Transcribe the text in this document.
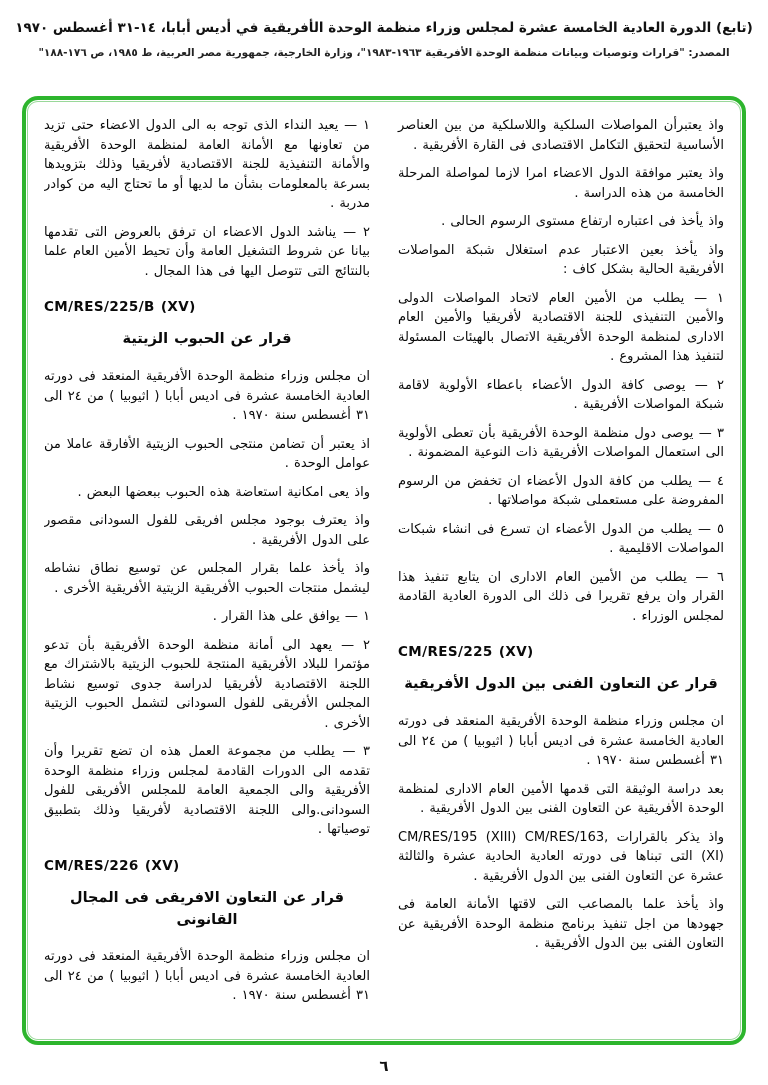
(تابع) الدورة العادية الخامسة عشرة لمجلس وزراء منظمة الوحدة الأفريقية في أديس أبابا، ١٤-٣١ أغسطس ١٩٧٠
المصدر: "قرارات وتوصيات وبيانات منظمة الوحدة الأفريقية ١٩٦٣-١٩٨٣"، وزارة الخارجية، جمهورية مصر العربية، ط ١٩٨٥، ص ١٧٦-١٨٨"
واذ يعتبرأن المواصلات السلكية واللاسلكية من بين العناصر الأساسية لتحقيق التكامل الاقتصادى فى القارة الأفريقية .
واذ يعتبر موافقة الدول الاعضاء امرا لازما لمواصلة المرحلة الخامسة من هذه الدراسة .
واذ يأخذ فى اعتباره ارتفاع مستوى الرسوم الحالى .
واذ يأخذ بعين الاعتبار عدم استغلال شبكة المواصلات الأفريقية الحالية بشكل كاف :
١ — يطلب من الأمين العام لاتحاد المواصلات الدولى والأمين التنفيذى للجنة الاقتصادية لأفريقيا والأمين العام الادارى لمنظمة الوحدة الأفريقية الاتصال بالهيئات المسئولة لتنفيذ هذا المشروع .
٢ — يوصى كافة الدول الأعضاء باعطاء الأولوية لاقامة شبكة المواصلات الأفريقية .
٣ — يوصى دول منظمة الوحدة الأفريقية بأن تعطى الأولوية الى استعمال المواصلات الأفريقية ذات النوعية المضمونة .
٤ — يطلب من كافة الدول الأعضاء ان تخفض من الرسوم المفروضة على مستعملى شبكة مواصلاتها .
٥ — يطلب من الدول الأعضاء ان تسرع فى انشاء شبكات المواصلات الاقليمية .
٦ — يطلب من الأمين العام الادارى ان يتابع تنفيذ هذا القرار وان يرفع تقريرا فى ذلك الى الدورة العادية القادمة لمجلس الوزراء .
CM/RES/225 (XV)
قرار عن التعاون الفنى بين الدول الأفريقية
ان مجلس وزراء منظمة الوحدة الأفريقية المنعقد فى دورته العادية الخامسة عشرة فى اديس أبابا ( اثيوبيا ) من ٢٤ الى ٣١ أغسطس سنة ١٩٧٠ .
بعد دراسة الوثيقة التى قدمها الأمين العام الادارى لمنظمة الوحدة الأفريقية عن التعاون الفنى بين الدول الأفريقية .
واذ يذكر بالقرارات ,CM/RES/195 (XIII) CM/RES/163 (XI) التى تبناها فى دورته العادية الحادية عشرة والثالثة عشرة عن التعاون الفنى بين الدول الأفريقية .
واذ يأخذ علما بالمصاعب التى لاقتها الأمانة العامة فى جهودها من اجل تنفيذ برنامج منظمة الوحدة الأفريقية عن التعاون الفنى بين الدول الأفريقية .
١ — يعيد النداء الذى توجه به الى الدول الاعضاء حتى تزيد من تعاونها مع الأمانة العامة لمنظمة الوحدة الأفريقية والأمانة التنفيذية للجنة الاقتصادية لأفريقيا وذلك بتزويدها بسرعة بالمعلومات بشأن ما لديها أو ما تحتاج اليه من كوادر مدربة .
٢ — يناشد الدول الاعضاء ان ترفق بالعروض التى تقدمها بيانا عن شروط التشغيل العامة وأن تحيط الأمين العام علما بالنتائج التى تتوصل اليها فى هذا المجال .
CM/RES/225/B (XV)
قرار عن الحبوب الزيتية
ان مجلس وزراء منظمة الوحدة الأفريقية المنعقد فى دورته العادية الخامسة عشرة فى اديس أبابا ( اثيوبيا ) من ٢٤ الى ٣١ أغسطس سنة ١٩٧٠ .
اذ يعتبر أن تضامن منتجى الحبوب الزيتية الأفارقة عاملا من عوامل الوحدة .
واذ يعى امكانية استعاضة هذه الحبوب ببعضها البعض .
واذ يعترف بوجود مجلس افريقى للفول السودانى مقصور على الدول الأفريقية .
واذ يأخذ علما بقرار المجلس عن توسيع نطاق نشاطه ليشمل منتجات الحبوب الأفريقية الزيتية الأفريقية الأخرى .
١ — يوافق على هذا القرار .
٢ — يعهد الى أمانة منظمة الوحدة الأفريقية بأن تدعو مؤتمرا للبلاد الأفريقية المنتجة للحبوب الزيتية بالاشتراك مع اللجنة الاقتصادية لأفريقيا لدراسة جدوى توسيع نشاط المجلس الأفريقى للفول السودانى لتشمل الحبوب الزيتية الأخرى .
٣ — يطلب من مجموعة العمل هذه ان تضع تقريرا وأن تقدمه الى الدورات القادمة لمجلس وزراء منظمة الوحدة الأفريقية والى الجمعية العامة للمجلس الأفريقى للفول السودانى.والى اللجنة الاقتصادية لأفريقيا وذلك بتطبيق توصياتها .
CM/RES/226 (XV)
قرار عن التعاون الافريقى فى المجال القانونى
ان مجلس وزراء منظمة الوحدة الأفريقية المنعقد فى دورته العادية الخامسة عشرة فى اديس أبابا ( اثيوبيا ) من ٢٤ الى ٣١ أغسطس سنة ١٩٧٠ .
٦
